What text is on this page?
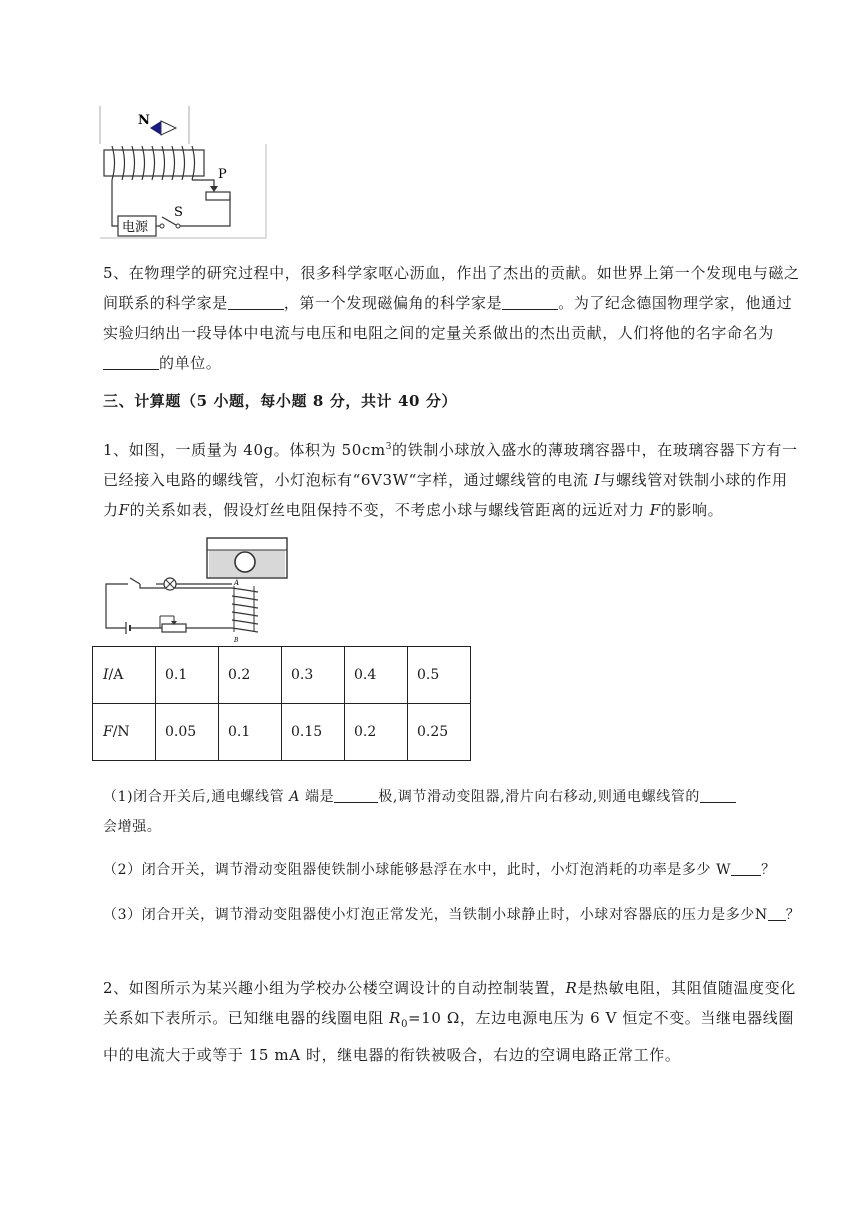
N
P
S
电源
5、在物理学的研究过程中，很多科学家呕心沥血，作出了杰出的贡献。如世界上第一个发现电与磁之间联系的科学家是	，第一个发现磁偏角的科学家是	。为了纪念德国物理学家，他通过实验归纳出一段导体中电流与电压和电阻之间的定量关系做出的杰出贡献，人们将他的名字命名为
的单位。
三、计算题（5 小题，每小题 8 分，共计 40 分）
1、如图，一质量为 40g。体积为 $50cm^3$的铁制小球放入盛水的薄玻璃容器中，在玻璃容器下方有一已经接入电路的螺线管，小灯泡标有“6V3W“字样，通过螺线管的电流 I与螺线管对铁制小球的作用力F的关系如表，假设灯丝电阻保持不变，不考虑小球与螺线管距离的远近对力 F的影响。
A
B
I/A	0.1	0.2	0.3	0.4	0.5
F/N	0.05	0.1	0.15	0.2	0.25
（1)闭合开关后,通电螺线管 A 端是	极,调节滑动变阻器,滑片向右移动,则通电螺线管的
会增强。
（2）闭合开关，调节滑动变阻器使铁制小球能够悬浮在水中，此时，小灯泡消耗的功率是多少 W ？
（3）闭合开关，调节滑动变阻器使小灯泡正常发光，当铁制小球静止时，小球对容器底的压力是多少N ？
2、如图所示为某兴趣小组为学校办公楼空调设计的自动控制装置，R是热敏电阻，其阻值随温度变化关系如下表所示。已知继电器的线圈电阻 $R_0=10$ Ω，左边电源电压为 6 V 恒定不变。当继电器线圈中的电流大于或等于 15 mA 时，继电器的衔铁被吸合，右边的空调电路正常工作。
